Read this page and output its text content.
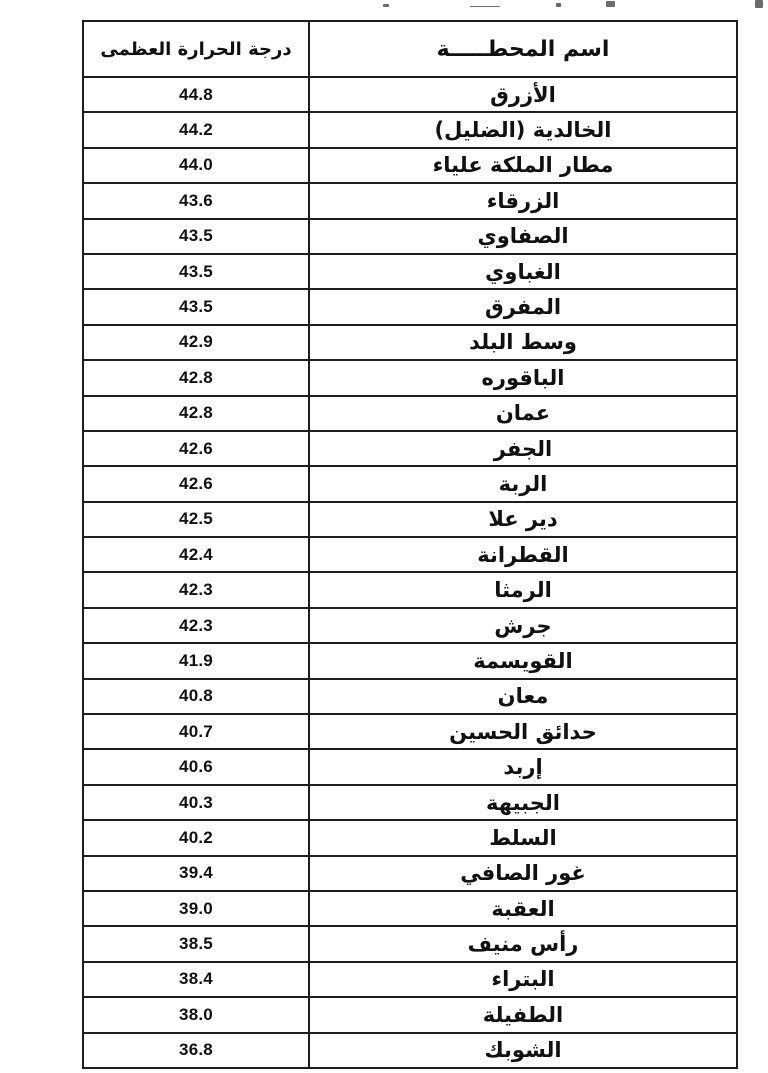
درجة الحرارة العظمى	اسم المحطـــــة
44.8	الأزرق
44.2	الخالدية (الضليل)
44.0	مطار الملكة علياء
43.6	الزرقاء
43.5	الصفاوي
43.5	الغباوي
43.5	المفرق
42.9	وسط البلد
42.8	الباقوره
42.8	عمان
42.6	الجفر
42.6	الربة
42.5	دير علا
42.4	القطرانة
42.3	الرمثا
42.3	جرش
41.9	القويسمة
40.8	معان
40.7	حدائق الحسين
40.6	إربد
40.3	الجبيهة
40.2	السلط
39.4	غور الصافي
39.0	العقبة
38.5	رأس منيف
38.4	البتراء
38.0	الطفيلة
36.8	الشوبك
